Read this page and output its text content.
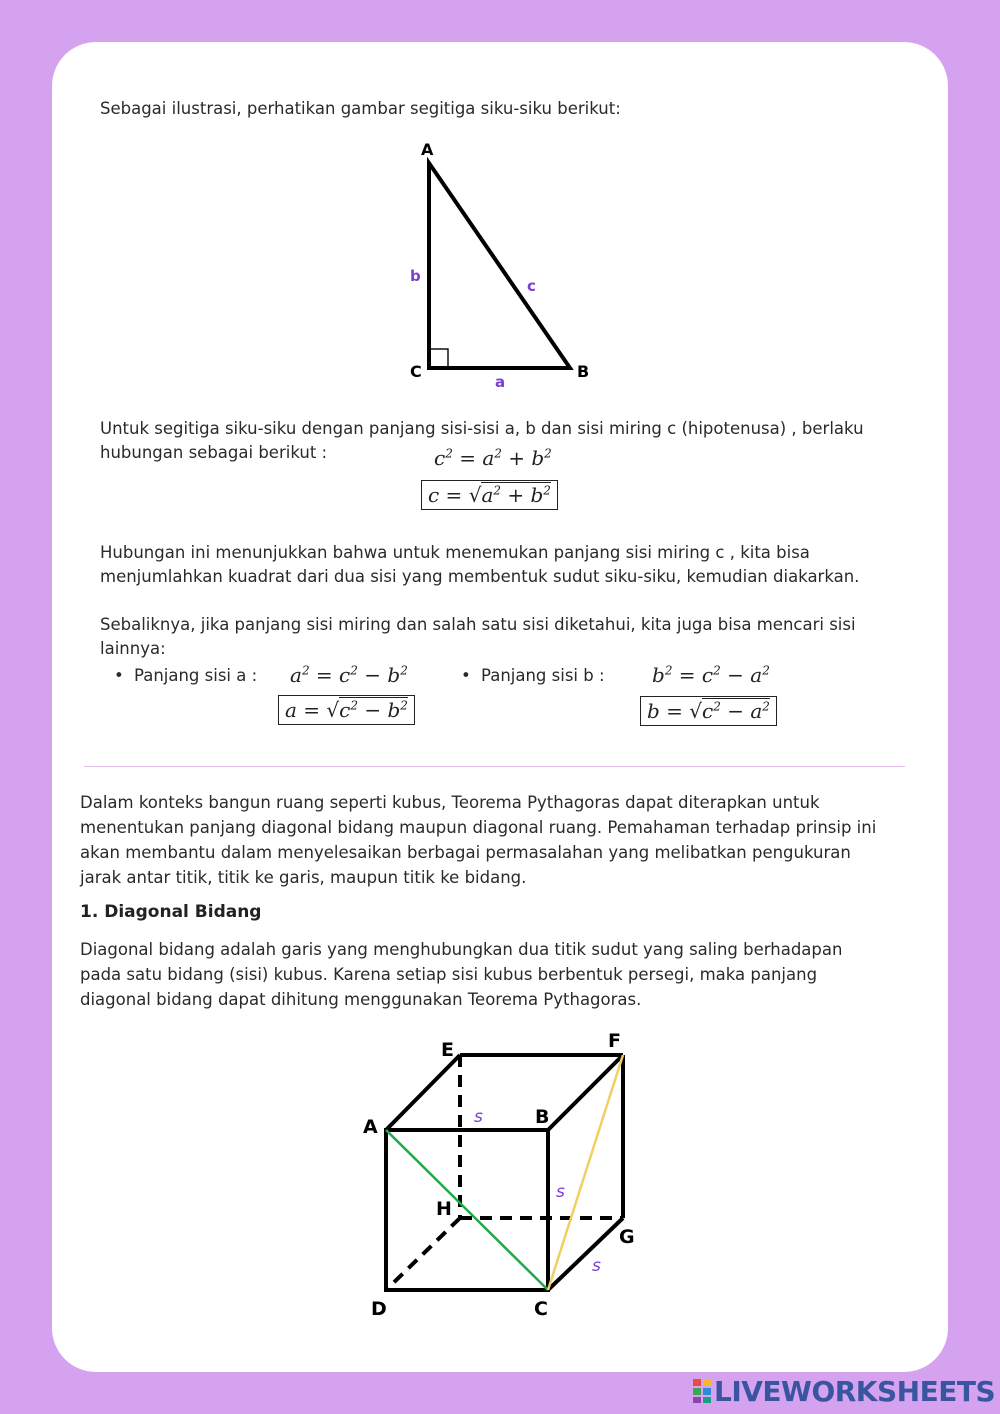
Sebagai ilustrasi, perhatikan gambar segitiga siku-siku berikut:
A
C	B
b
c
a
Untuk segitiga siku-siku dengan panjang sisi-sisi a, b dan sisi miring c (hipotenusa) , berlaku
hubungan sebagai berikut :	$c^2 = a^2 + b^2$
$c = √a^2 + b^2$
Hubungan ini menunjukkan bahwa untuk menemukan panjang sisi miring c , kita bisa
menjumlahkan kuadrat dari dua sisi yang membentuk sudut siku-siku, kemudian diakarkan.
Sebaliknya, jika panjang sisi miring dan salah satu sisi diketahui, kita juga bisa mencari sisi
lainnya:
• Panjang sisi a : $a^2 = c^2 - b^2$
$a = √c^2 - b^2$
• Panjang sisi b : $b^2 = c^2 - a^2$
$b = √c^2 - a^2$
Dalam konteks bangun ruang seperti kubus, Teorema Pythagoras dapat diterapkan untuk
menentukan panjang diagonal bidang maupun diagonal ruang. Pemahaman terhadap prinsip ini
akan membantu dalam menyelesaikan berbagai permasalahan yang melibatkan pengukuran
jarak antar titik, titik ke garis, maupun titik ke bidang.
1. Diagonal Bidang
Diagonal bidang adalah garis yang menghubungkan dua titik sudut yang saling berhadapan
pada satu bidang (sisi) kubus. Karena setiap sisi kubus berbentuk persegi, maka panjang
diagonal bidang dapat dihitung menggunakan Teorema Pythagoras.
E	F
A	B
H
G
D	C
s
s
s
LIVEWORKSHEETS
